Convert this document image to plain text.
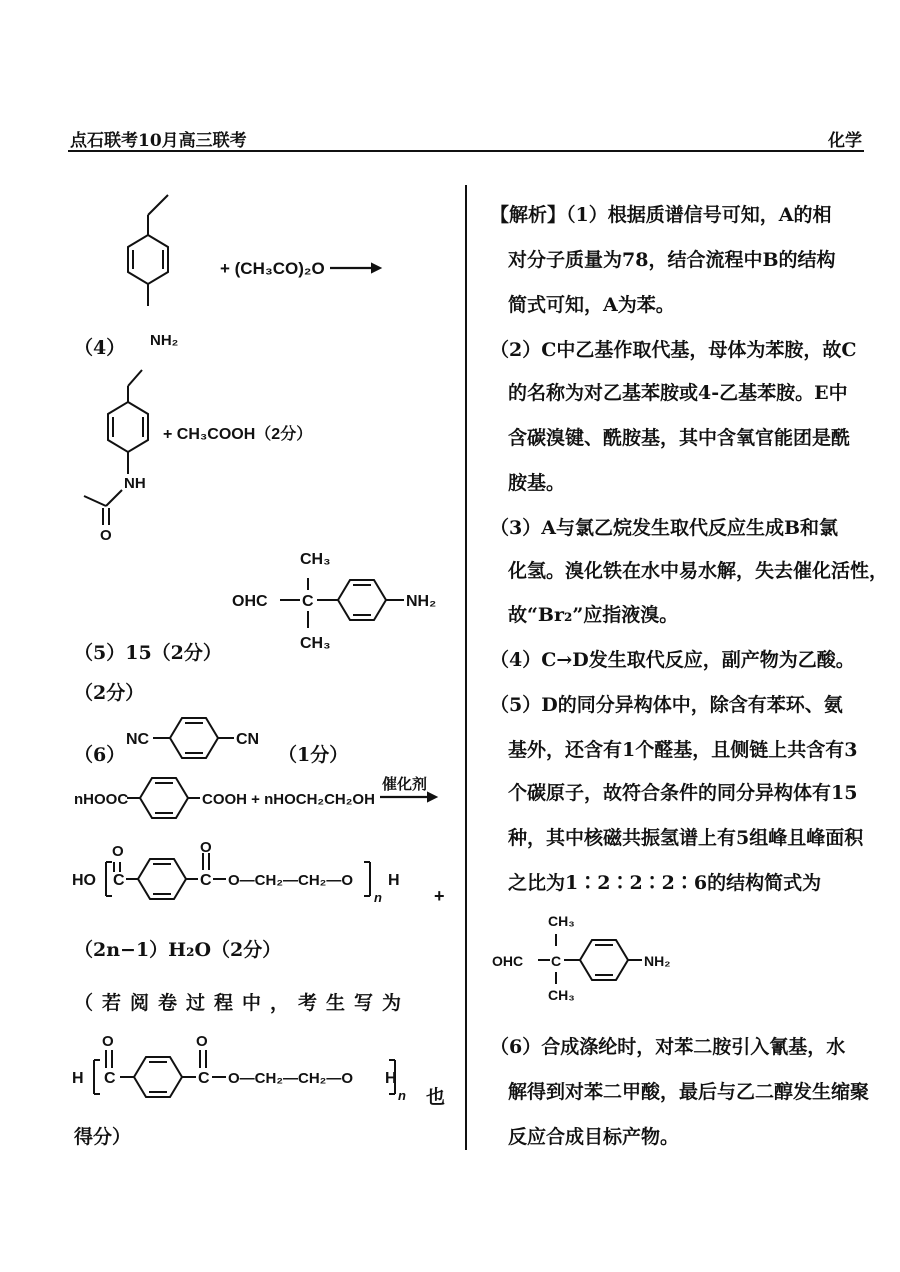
点石联考10月高三联考	化学
+ (CH₃CO)₂O
NH₂
+ CH₃COOH（2分）
NH
O
CH₃
OHC C	NH₂
CH₃
NC	CN
nHOOC	COOH + nHOCH₂CH₂OH
催化剂
O	O
HO C	C O—CH₂—CH₂—O
n
H
+
O	O
H C	C O—CH₂—CH₂—O H
n
CH₃
OHC C	NH₂
CH₃
（4）
（5）15（2分）
（2分）
（6）	（1分）
（2n−1）H₂O（2分）
（若阅卷过程中，考生写为
也
得分）
【解析】（1）根据质谱信号可知，A的相
对分子质量为78，结合流程中B的结构
简式可知，A为苯。
（2）C中乙基作取代基，母体为苯胺，故C
的名称为对乙基苯胺或4-乙基苯胺。E中
含碳溴键、酰胺基，其中含氧官能团是酰
胺基。
（3）A与氯乙烷发生取代反应生成B和氯
化氢。溴化铁在水中易水解，失去催化活性，
故“Br₂”应指液溴。
（4）C→D发生取代反应，副产物为乙酸。
（5）D的同分异构体中，除含有苯环、氨
基外，还含有1个醛基，且侧链上共含有3
个碳原子，故符合条件的同分异构体有15
种，其中核磁共振氢谱上有5组峰且峰面积
之比为1∶2∶2∶2∶6的结构简式为
（6）合成涤纶时，对苯二胺引入氰基，水
解得到对苯二甲酸，最后与乙二醇发生缩聚
反应合成目标产物。
